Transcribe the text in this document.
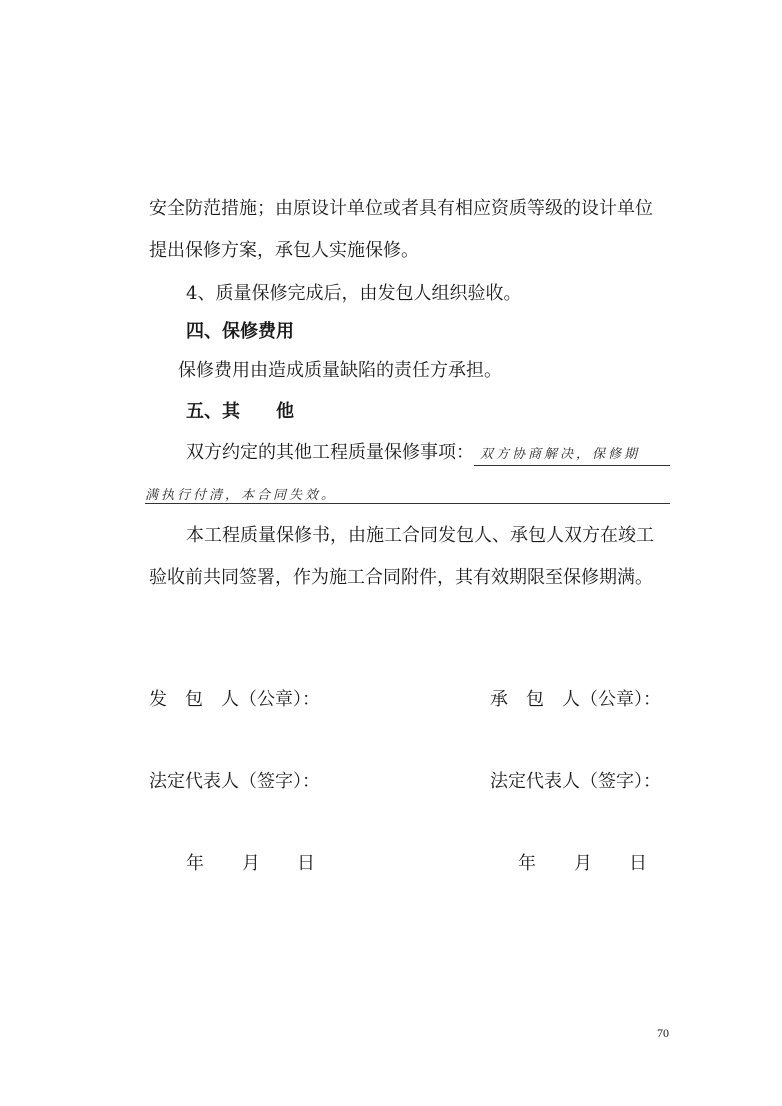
安全防范措施；由原设计单位或者具有相应资质等级的设计单位
提出保修方案，承包人实施保修。
4、质量保修完成后，由发包人组织验收。
四、保修费用
保修费用由造成质量缺陷的责任方承担。
五、其　　他
双方约定的其他工程质量保修事项： 双方协商解决，保修期
满执行付清，本合同失效。
本工程质量保修书，由施工合同发包人、承包人双方在竣工
验收前共同签署，作为施工合同附件，其有效期限至保修期满。
发　包　人（公章）：	承　包　人（公章）：
法定代表人（签字）：	法定代表人（签字）：
年 月 日	年 月 日
70
